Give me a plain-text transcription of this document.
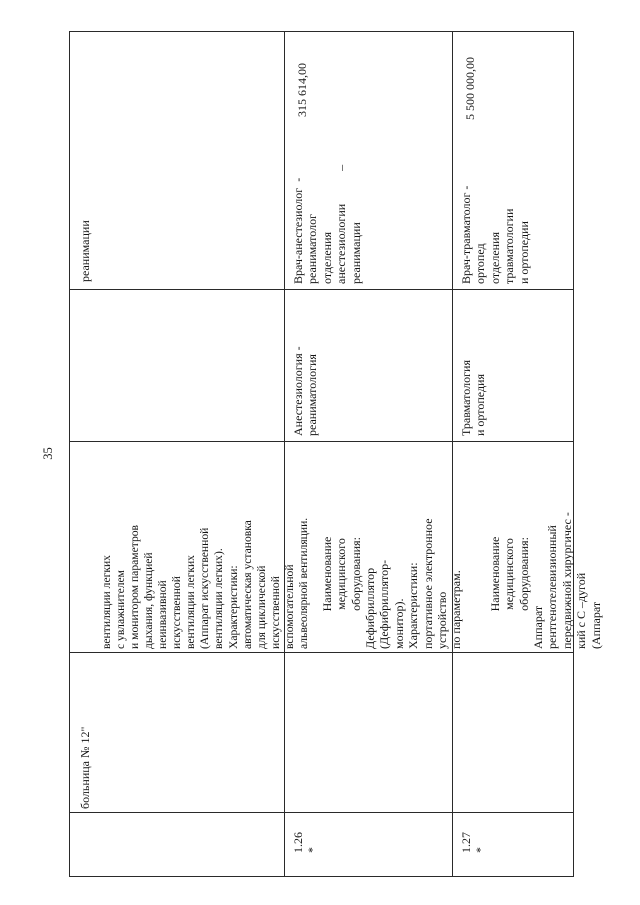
35
больница № 12"

вентиляции легких с увлажнителем и монитором параметров дыхания, функцией неинвазивной искусственной вентиляции легких (Аппарат искусственной вентиляции легких). Характеристики: автоматическая установка для циклической искусственной вспомогательной альвеолярной вентиляции.
реанимации
1.26
*

Наименование медицинского оборудования: Дефибриллятор (Дефибриллятор- монитор). Характеристики: портативное электронное устройство по параметрам.
Анестезиология -
реаниматология
Врач-анестезиолог  -
реаниматолог
отделения
анестезиологии           –
реанимации
315 614,00
1.27
*

Наименование медицинского оборудования:
Аппарат рентгенотелевизионный передвижной хирургичес - кий с С –дугой (Аппарат
Травматология
и ортопедия
Врач-травматолог -
ортопед
отделения
травматологии
и ортопедии
5 500 000,00
